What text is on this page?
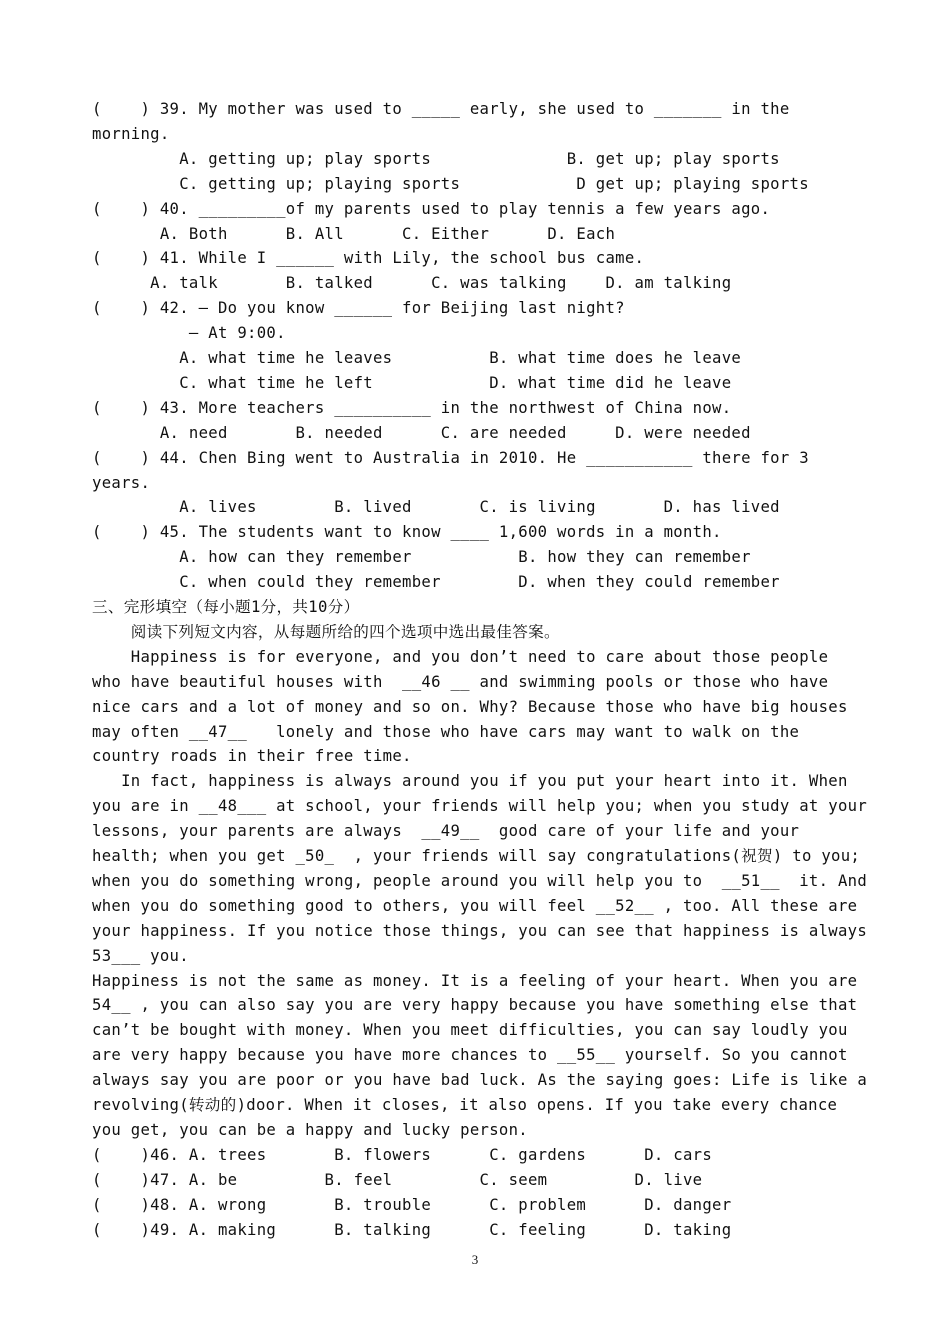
(    ) 39. My mother was used to _____ early, she used to _______ in the
morning.
A. getting up; play sports              B. get up; play sports
C. getting up; playing sports            D get up; playing sports
(    ) 40. _________of my parents used to play tennis a few years ago.
A. Both      B. All      C. Either      D. Each
(    ) 41. While I ______ with Lily, the school bus came.
A. talk       B. talked      C. was talking    D. am talking
(    ) 42. — Do you know ______ for Beijing last night?
— At 9:00.
A. what time he leaves          B. what time does he leave
C. what time he left            D. what time did he leave
(    ) 43. More teachers __________ in the northwest of China now.
A. need       B. needed      C. are needed     D. were needed
(    ) 44. Chen Bing went to Australia in 2010. He ___________ there for 3
years.
A. lives        B. lived       C. is living       D. has lived
(    ) 45. The students want to know ____ 1,600 words in a month.
A. how can they remember           B. how they can remember
C. when could they remember        D. when they could remember
三、完形填空（每小题1分，共10分）
阅读下列短文内容，从每题所给的四个选项中选出最佳答案。
Happiness is for everyone, and you don’t need to care about those people
who have beautiful houses with  __46 __ and swimming pools or those who have
nice cars and a lot of money and so on. Why? Because those who have big houses
may often __47__   lonely and those who have cars may want to walk on the
country roads in their free time.
In fact, happiness is always around you if you put your heart into it. When
you are in __48___ at school, your friends will help you; when you study at your
lessons, your parents are always  __49__  good care of your life and your
health; when you get _50_  , your friends will say congratulations(祝贺) to you;
when you do something wrong, people around you will help you to  __51__  it. And
when you do something good to others, you will feel __52__ , too. All these are
your happiness. If you notice those things, you can see that happiness is always
53___ you.
Happiness is not the same as money. It is a feeling of your heart. When you are
54__ , you can also say you are very happy because you have something else that
can’t be bought with money. When you meet difficulties, you can say loudly you
are very happy because you have more chances to __55__ yourself. So you cannot
always say you are poor or you have bad luck. As the saying goes: Life is like a
revolving(转动的)door. When it closes, it also opens. If you take every chance
you get, you can be a happy and lucky person.
(    )46. A. trees       B. flowers      C. gardens      D. cars
(    )47. A. be         B. feel         C. seem         D. live
(    )48. A. wrong       B. trouble      C. problem      D. danger
(    )49. A. making      B. talking      C. feeling      D. taking
3
